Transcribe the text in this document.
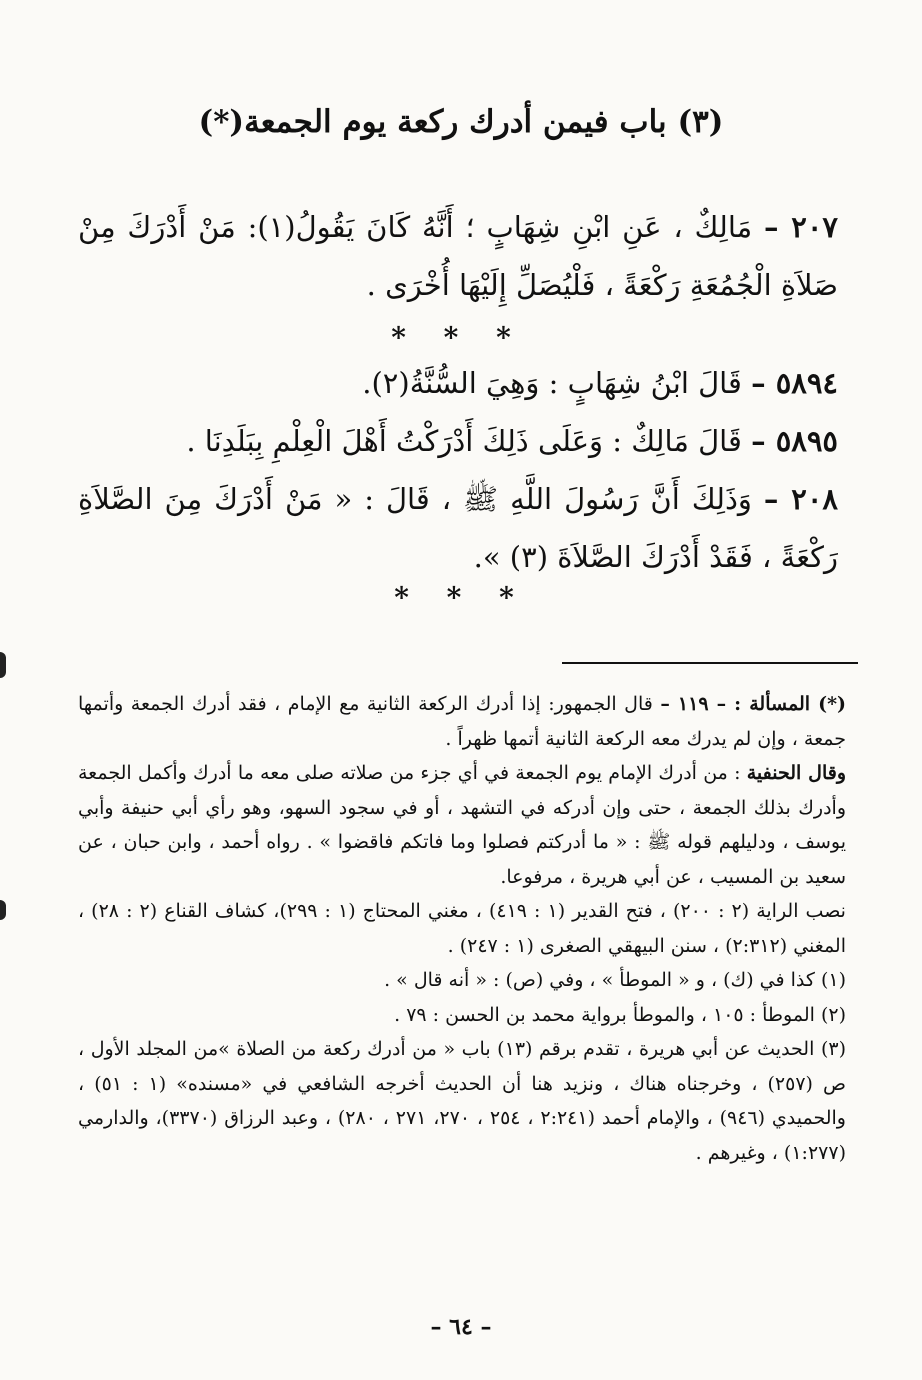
(٣) باب فيمن أدرك ركعة يوم الجمعة(*)

٢٠٧ – مَالِكٌ ، عَنِ ابْنِ شِهَابٍ ؛ أَنَّهُ كَانَ يَقُولُ(١): مَنْ أَدْرَكَ مِنْ صَلاَةِ الْجُمُعَةِ رَكْعَةً ، فَلْيُصَلِّ إِلَيْهَا أُخْرَى .

* * *

٥٨٩٤ – قَالَ ابْنُ شِهَابٍ : وَهِيَ السُّنَّةُ(٢).

٥٨٩٥ – قَالَ مَالِكٌ : وَعَلَى ذَلِكَ أَدْرَكْتُ أَهْلَ الْعِلْمِ بِبَلَدِنَا .

٢٠٨ – وَذَلِكَ أَنَّ رَسُولَ اللَّهِ ﷺ ، قَالَ : « مَنْ أَدْرَكَ مِنَ الصَّلاَةِ رَكْعَةً ، فَقَدْ أَدْرَكَ الصَّلاَةَ (٣) ».

* * *

(*) المسألة : – ١١٩ – قال الجمهور: إذا أدرك الركعة الثانية مع الإمام ، فقد أدرك الجمعة وأتمها جمعة ، وإن لم يدرك معه الركعة الثانية أتمها ظهراً .

وقال الحنفية : من أدرك الإمام يوم الجمعة في أي جزء من صلاته صلى معه ما أدرك وأكمل الجمعة وأدرك بذلك الجمعة ، حتى وإن أدركه في التشهد ، أو في سجود السهو، وهو رأي أبي حنيفة وأبي يوسف ، ودليلهم قوله ﷺ : « ما أدركتم فصلوا وما فاتكم فاقضوا » . رواه أحمد ، وابن حبان ، عن سعيد بن المسيب ، عن أبي هريرة ، مرفوعا.

نصب الراية (٢ : ٢٠٠) ، فتح القدير (١ : ٤١٩) ، مغني المحتاج (١ : ٢٩٩)، كشاف القناع (٢ : ٢٨) ، المغني (٢:٣١٢) ، سنن البيهقي الصغرى (١ : ٢٤٧) .

(١) كذا في (ك) ، و « الموطأ » ، وفي (ص) : « أنه قال » .

(٢) الموطأ : ١٠٥ ، والموطأ برواية محمد بن الحسن : ٧٩ .

(٣) الحديث عن أبي هريرة ، تقدم برقم (١٣) باب « من أدرك ركعة من الصلاة »من المجلد الأول ، ص (٢٥٧) ، وخرجناه هناك ، ونزيد هنا أن الحديث أخرجه الشافعي في «مسنده» (١ : ٥١) ، والحميدي (٩٤٦) ، والإمام أحمد (٢:٢٤١ ، ٢٥٤ ، ٢٧٠، ٢٧١ ، ٢٨٠) ، وعبد الرزاق (٣٣٧٠)، والدارمي (١:٢٧٧) ، وغيرهم .

– ٦٤ –
